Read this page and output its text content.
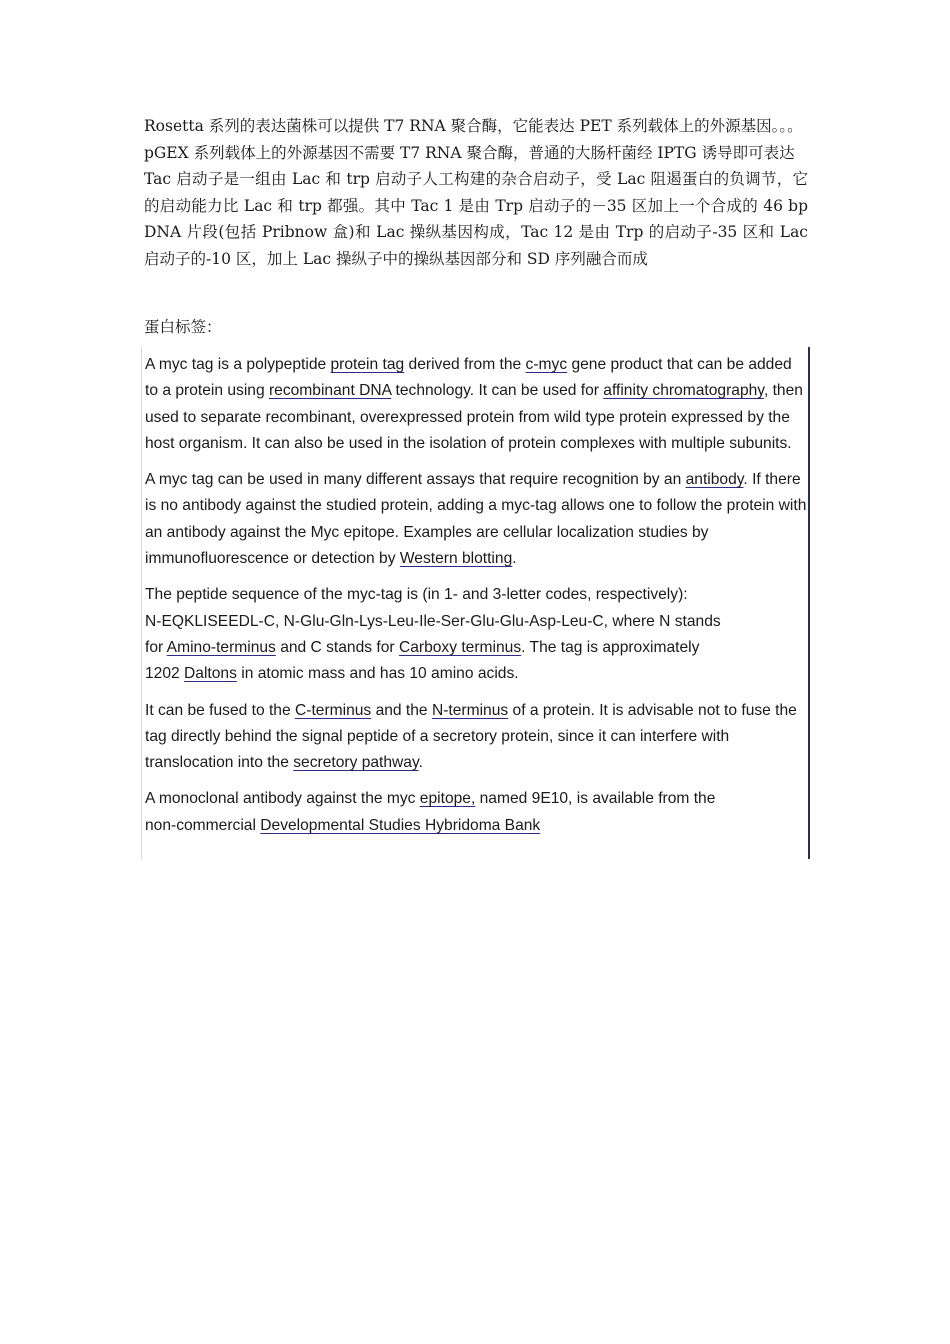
Rosetta 系列的表达菌株可以提供 T7 RNA 聚合酶，它能表达 PET 系列载体上的外源基因。。。

pGEX 系列载体上的外源基因不需要 T7 RNA 聚合酶，普通的大肠杆菌经 IPTG 诱导即可表达

Tac 启动子是一组由 Lac 和 trp 启动子人工构建的杂合启动子，受 Lac 阻遏蛋白的负调节，它的启动能力比 Lac 和 trp 都强。其中 Tac 1 是由 Trp 启动子的－35 区加上一个合成的 46 bp DNA 片段(包括 Pribnow 盒)和 Lac 操纵基因构成，Tac 12 是由 Trp 的启动子-35 区和 Lac 启动子的-10 区，加上 Lac 操纵子中的操纵基因部分和 SD 序列融合而成

蛋白标签：

A myc tag is a polypeptide protein tag derived from the c-myc gene product that can be added to a protein using recombinant DNA technology. It can be used for affinity chromatography, then used to separate recombinant, overexpressed protein from wild type protein expressed by the host organism. It can also be used in the isolation of protein complexes with multiple subunits.

A myc tag can be used in many different assays that require recognition by an antibody. If there is no antibody against the studied protein, adding a myc-tag allows one to follow the protein with an antibody against the Myc epitope. Examples are cellular localization studies by immunofluorescence or detection by Western blotting.

The peptide sequence of the myc-tag is (in 1- and 3-letter codes, respectively):
N-EQKLISEEDL-C, N-Glu-Gln-Lys-Leu-Ile-Ser-Glu-Glu-Asp-Leu-C, where N stands
for Amino-terminus and C stands for Carboxy terminus. The tag is approximately
1202 Daltons in atomic mass and has 10 amino acids.

It can be fused to the C-terminus and the N-terminus of a protein. It is advisable not to fuse the tag directly behind the signal peptide of a secretory protein, since it can interfere with translocation into the secretory pathway.

A monoclonal antibody against the myc epitope, named 9E10, is available from the
non-commercial Developmental Studies Hybridoma Bank
